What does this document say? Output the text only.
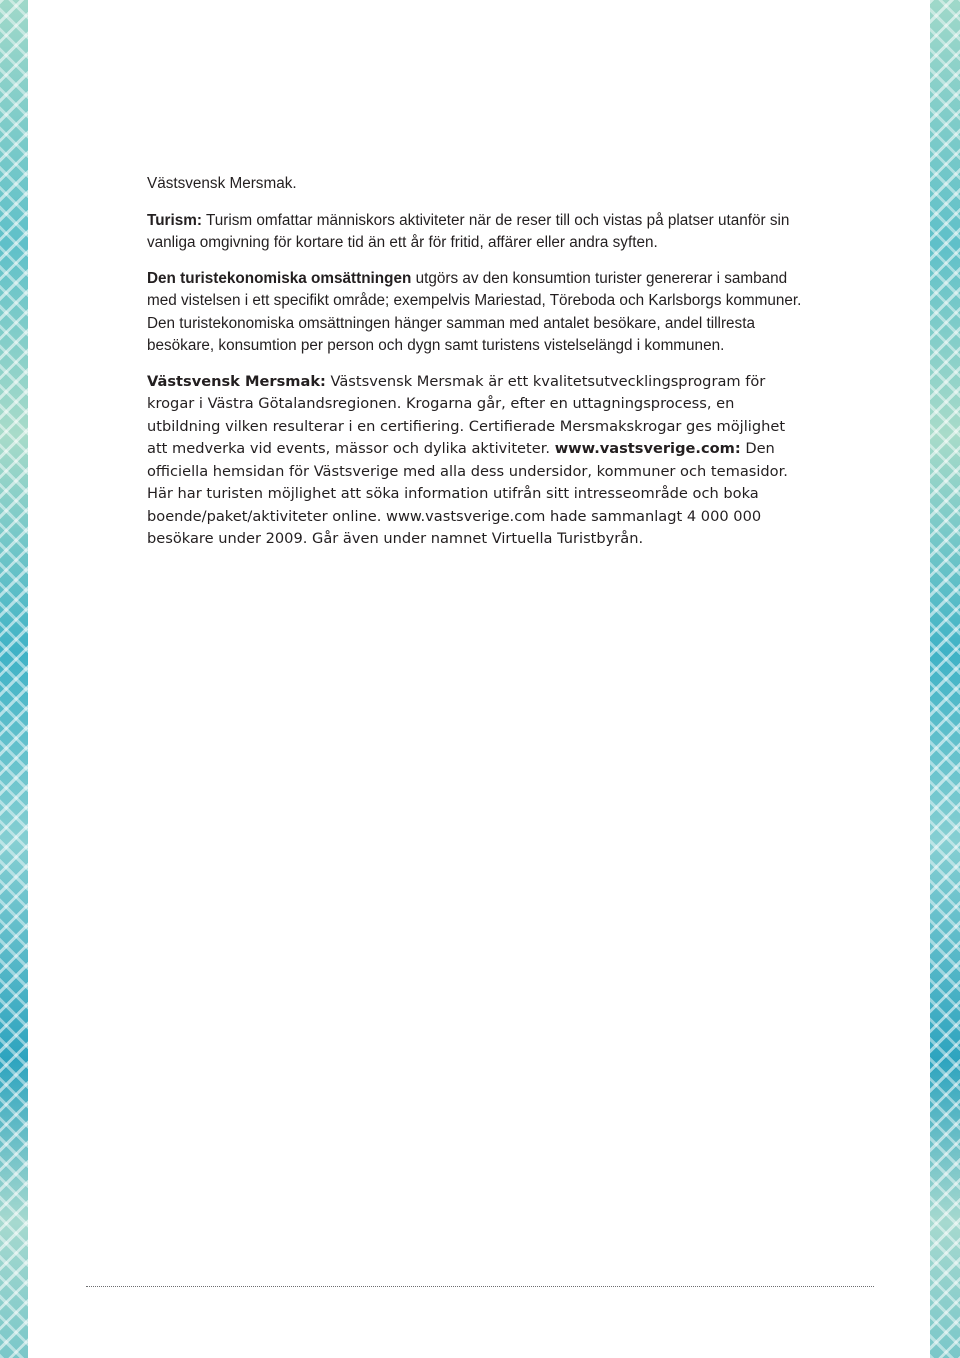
Västsvensk Mersmak.

Turism: Turism omfattar människors aktiviteter när de reser till och vistas på platser utanför sin vanliga omgivning för kortare tid än ett år för fritid, affärer eller andra syften.

Den turistekonomiska omsättningen utgörs av den konsumtion turister genererar i samband med vistelsen i ett specifikt område; exempelvis Mariestad, Töreboda och Karlsborgs kommuner.

Den turistekonomiska omsättningen hänger samman med antalet besökare, andel tillresta besökare, konsumtion per person och dygn samt turistens vistelselängd i kommunen.

Västsvensk Mersmak: Västsvensk Mersmak är ett kvalitetsutvecklingsprogram för krogar i Västra Götalandsregionen. Krogarna går, efter en uttagningsprocess, en utbildning vilken resulterar i en certifiering. Certifierade Mersmakskrogar ges möjlighet att medverka vid events, mässor och dylika aktiviteter. www.vastsverige.com: Den officiella hemsidan för Västsverige med alla dess undersidor, kommuner och temasidor. Här har turisten möjlighet att söka information utifrån sitt intresseområde och boka boende/paket/aktiviteter online. www.vastsverige.com hade sammanlagt 4 000 000 besökare under 2009. Går även under namnet Virtuella Turistbyrån.
